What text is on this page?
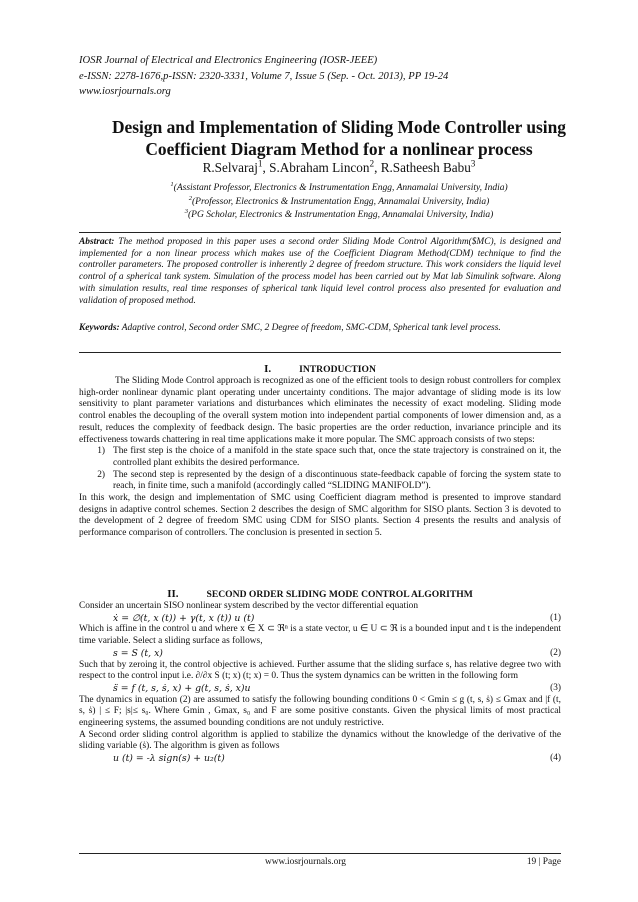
IOSR Journal of Electrical and Electronics Engineering (IOSR-JEEE)
e-ISSN: 2278-1676,p-ISSN: 2320-3331, Volume 7, Issue 5 (Sep. - Oct. 2013), PP 19-24
www.iosrjournals.org
Design and Implementation of Sliding Mode Controller using Coefficient Diagram Method for a nonlinear process
R.Selvaraj$^1$, S.Abraham Lincon$^2$, R.Satheesh Babu$^3$
$^1$(Assistant Professor, Electronics & Instrumentation Engg, Annamalai University, India)
$^2$(Professor, Electronics & Instrumentation Engg, Annamalai University, India)
$^3$(PG Scholar, Electronics & Instrumentation Engg, Annamalai University, India)
Abstract: The method proposed in this paper uses a second order Sliding Mode Control Algorithm($MC), is designed and implemented for a non linear process which makes use of the Coefficient Diagram Method(CDM) technique to find the controller parameters. The proposed controller is inherently 2 degree of freedom structure. This work considers the liquid level control of a spherical tank system. Simulation of the process model has been carried out by Mat lab Simulink software. Along with simulation results, real time responses of spherical tank liquid level control process also presented for evaluation and validation of proposed method.
Keywords: Adaptive control, Second order SMC, 2 Degree of freedom, SMC-CDM, Spherical tank level process.
I.	INTRODUCTION

The Sliding Mode Control approach is recognized as one of the efficient tools to design robust controllers for complex high-order nonlinear dynamic plant operating under uncertainty conditions. The major advantage of sliding mode is its low sensitivity to plant parameter variations and disturbances which eliminates the necessity of exact modeling. Sliding mode control enables the decoupling of the overall system motion into independent partial components of lower dimension and, as a result, reduces the complexity of feedback design. The basic properties are the order reduction, invariance principle and its effectiveness towards chattering in real time applications make it more popular. The SMC approach consists of two steps:

1) The first step is the choice of a manifold in the state space such that, once the state trajectory is constrained on it, the controlled plant exhibits the desired performance.
2) The second step is represented by the design of a discontinuous state-feedback capable of forcing the system state to reach, in finite time, such a manifold (accordingly called “SLIDING MANIFOLD”).

In this work, the design and implementation of SMC using Coefficient diagram method is presented to improve standard designs in adaptive control schemes. Section 2 describes the design of SMC algorithm for SISO plants. Section 3 is devoted to the development of 2 degree of freedom SMC using CDM for SISO plants. Section 4 presents the results and analysis of performance comparison of controllers. The conclusion is presented in section 5.

II.	SECOND ORDER SLIDING MODE CONTROL ALGORITHM

Consider an uncertain SISO nonlinear system described by the vector differential equation

ẋ = ∅(t, x (t)) + γ(t, x (t)) u (t)	(1)

Which is affine in the control u and where x ∈ X ⊂ ℜⁿ is a state vector, u ∈ U ⊂ ℜ is a bounded input and t is the independent time variable. Select a sliding surface as follows,

s = S (t, x)	(2)

Such that by zeroing it, the control objective is achieved. Further assume that the sliding surface s, has relative degree two with respect to the control input i.e. ∂/∂x S (t; x) (t; x) = 0. Thus the system dynamics can be written in the following form

s̈ = f (t, s, ṡ, x) + g(t, s, ṡ, x)u	(3)

The dynamics in equation (2) are assumed to satisfy the following bounding conditions 0 < Gmin ≤ g (t, s, ṡ) ≤ Gmax and |f (t, s, ṡ) | ≤ F; |s|≤ s₀. Where Gmin , Gmax, s₀ and F are some positive constants. Given the physical limits of most practical engineering systems, the assumed bounding conditions are not unduly restrictive.

A Second order sliding control algorithm is applied to stabilize the dynamics without the knowledge of the derivative of the sliding variable (ṡ). The algorithm is given as follows

u (t) = -λ sign(s) + u₂(t)	(4)
www.iosrjournals.org	19 | Page
